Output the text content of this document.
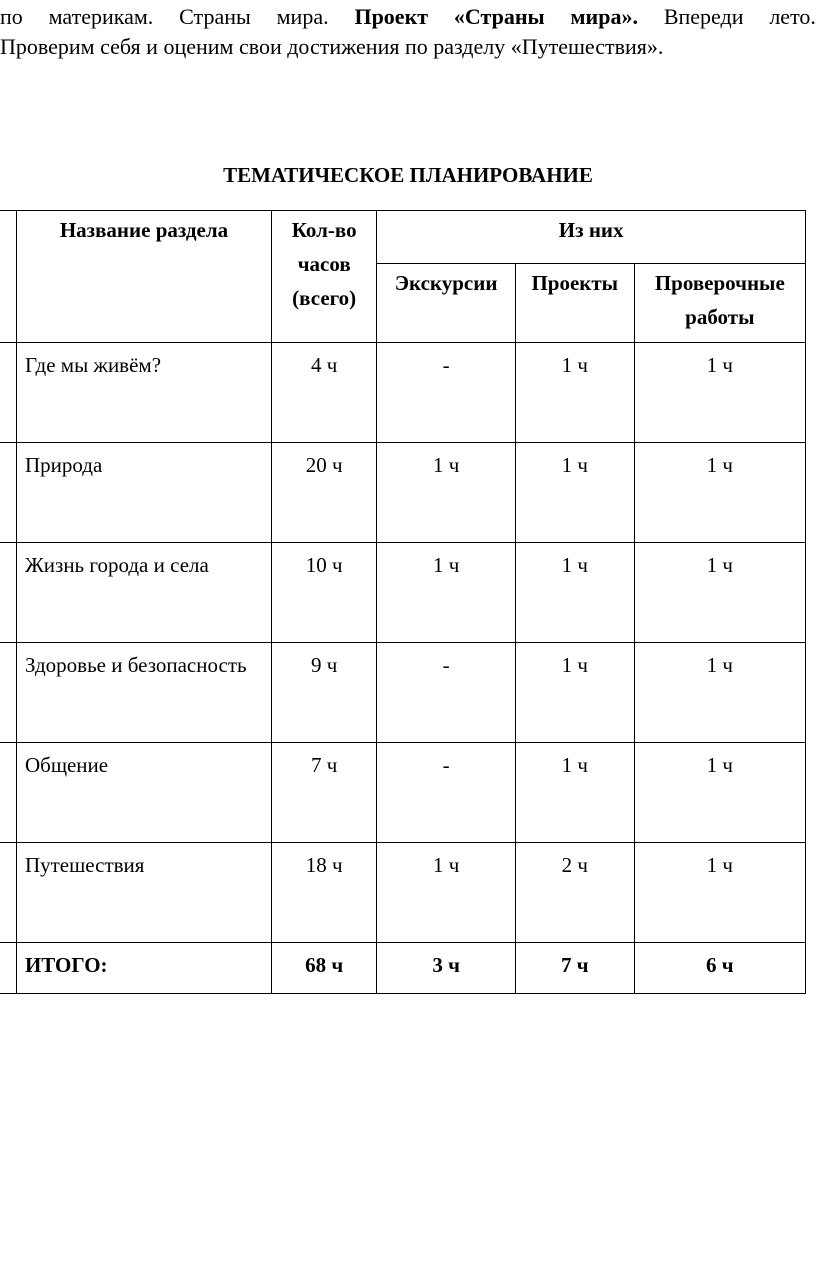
по материкам. Страны мира. Проект «Страны мира». Впереди лето.
Проверим себя и оценим свои достижения по разделу «Путешествия».
ТЕМАТИЧЕСКОЕ ПЛАНИРОВАНИЕ
	Название раздела	Кол-во часов (всего)	Из них		
			Экскурсии	Проекты	Проверочные работы
	Где мы живём?	4 ч	-	1 ч	1 ч
	Природа	20 ч	1 ч	1 ч	1 ч
	Жизнь города и села	10 ч	1 ч	1 ч	1 ч
	Здоровье и безопасность	9 ч	-	1 ч	1 ч
	Общение	7 ч	-	1 ч	1 ч
	Путешествия	18 ч	1 ч	2 ч	1 ч
	ИТОГО:	68 ч	3 ч	7 ч	6 ч
